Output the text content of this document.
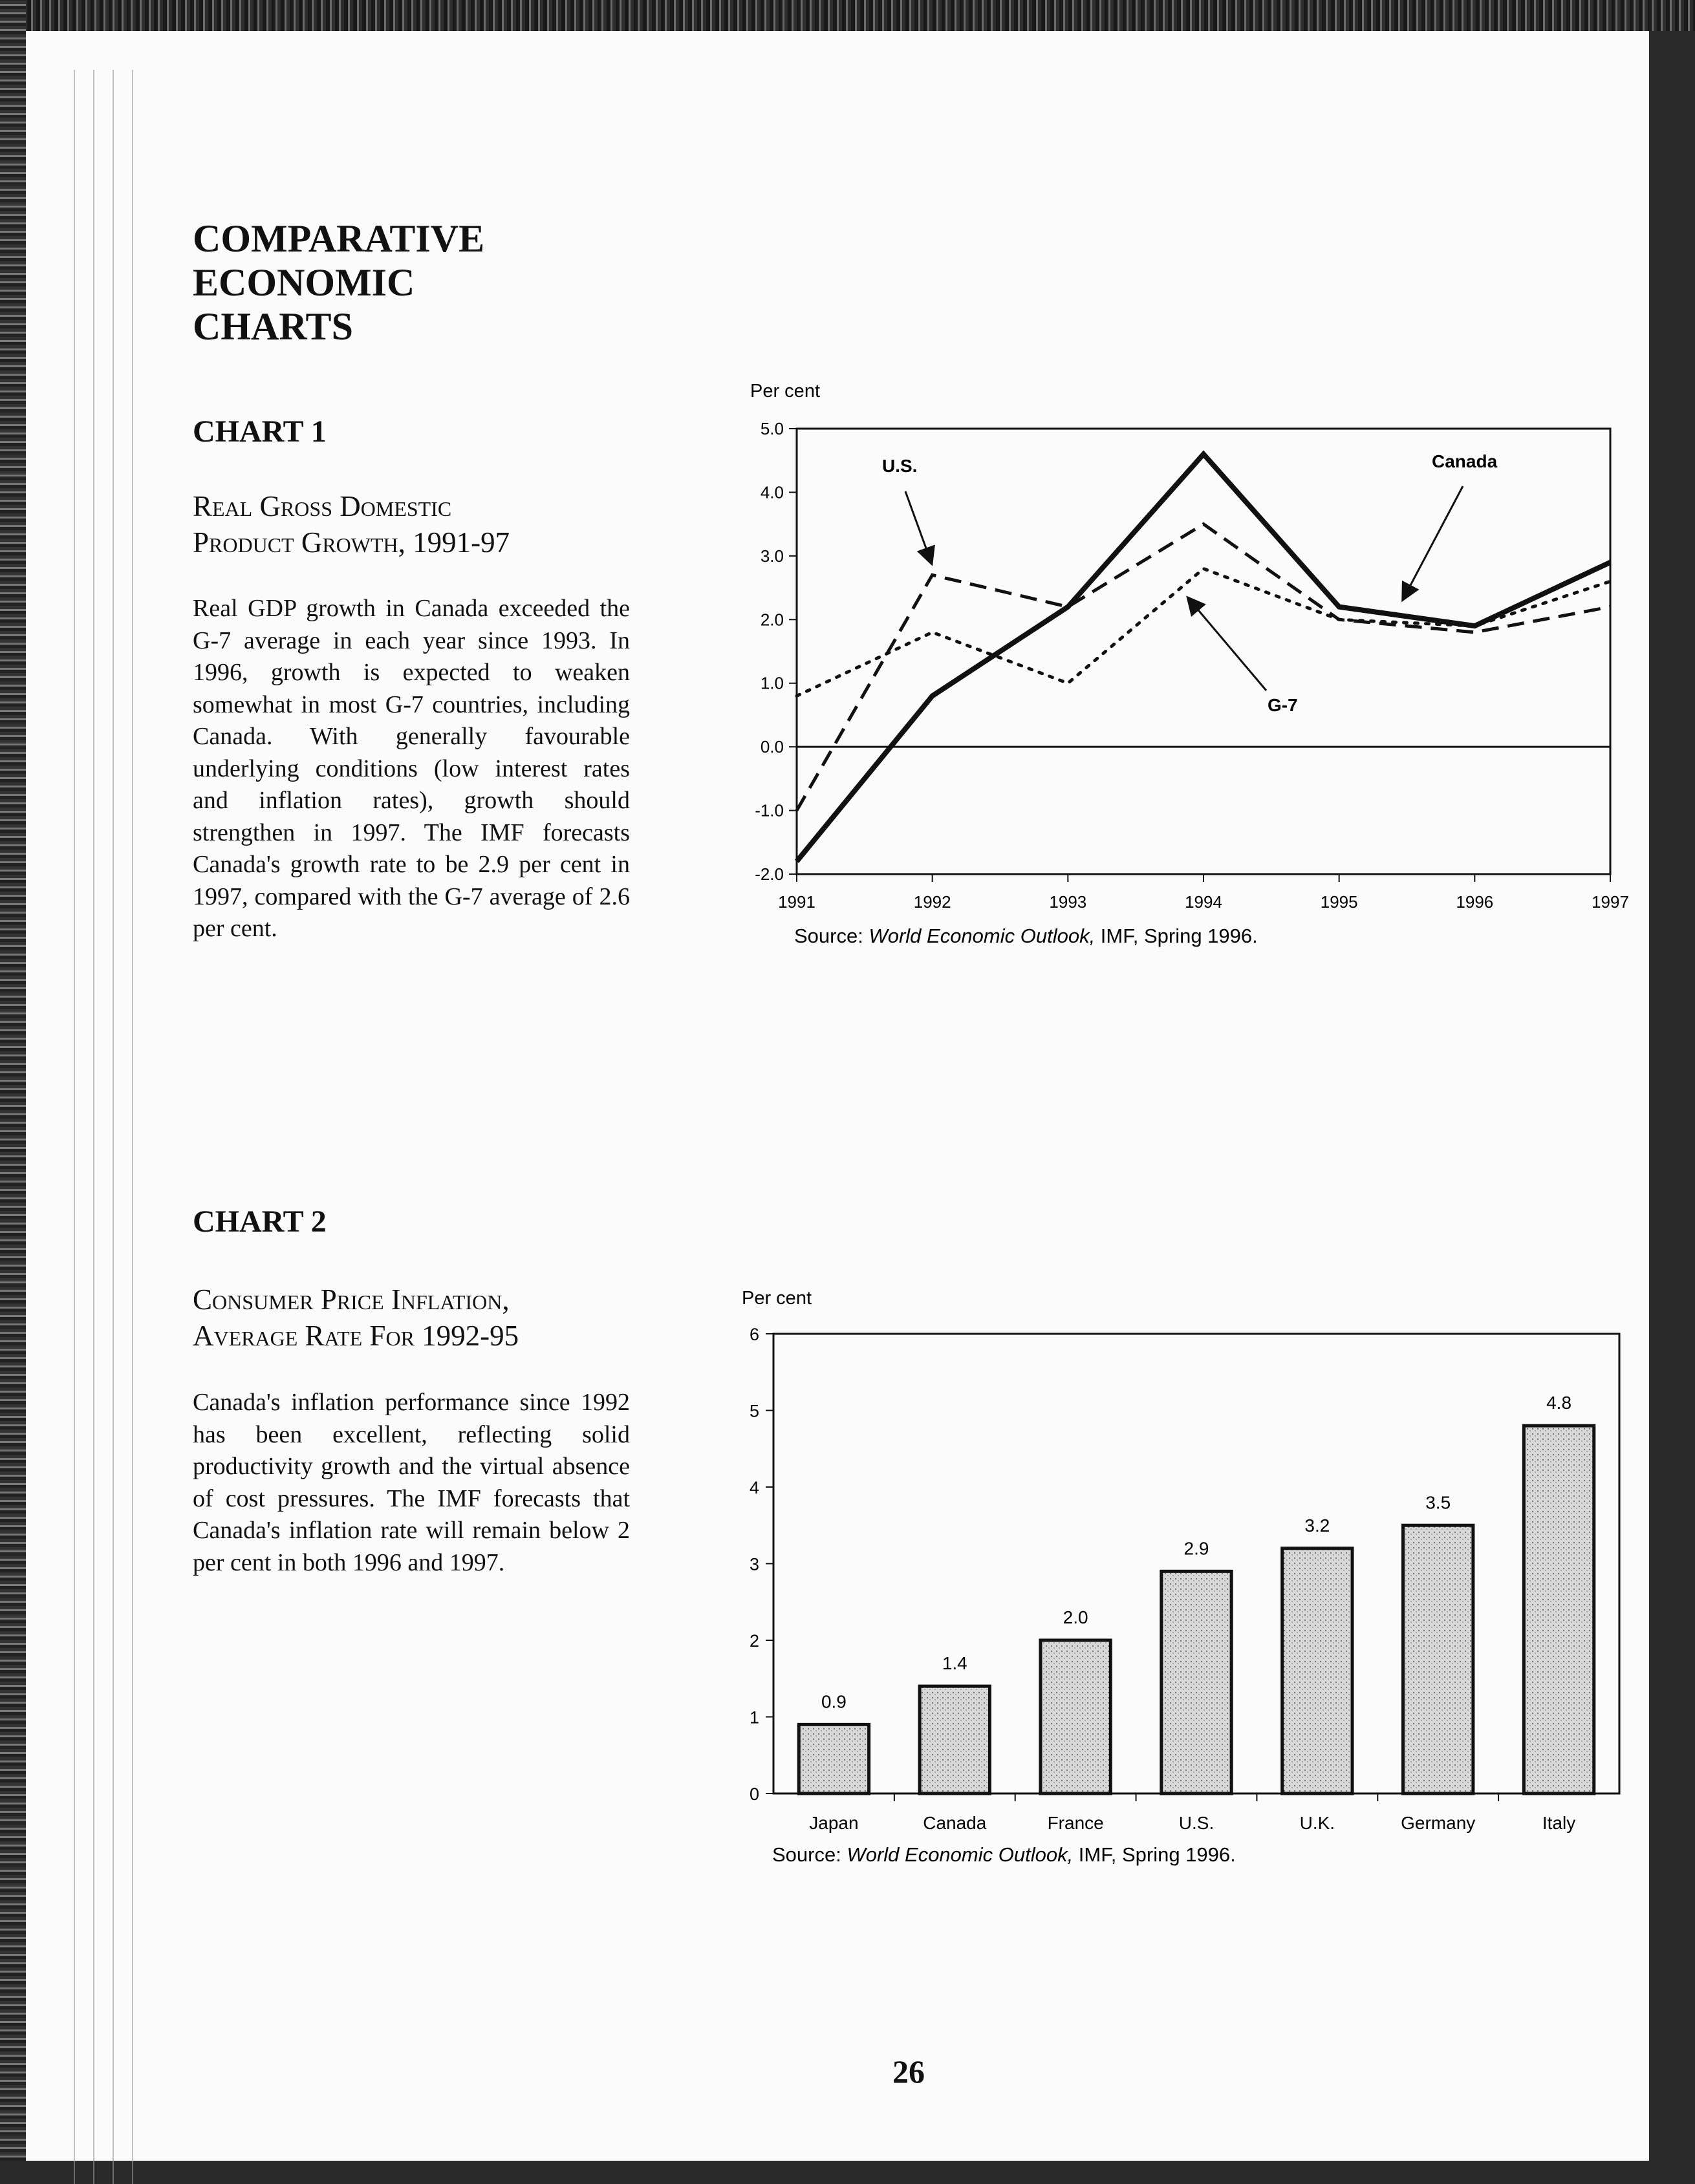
COMPARATIVE ECONOMIC CHARTS
CHART 1

Real Gross Domestic

Product Growth, 1991-97

Real GDP growth in Canada exceeded the G-7 average in each year since 1993. In 1996, growth is expected to weaken somewhat in most G-7 countries, including Canada. With generally favourable underlying conditions (low interest rates and inflation rates), growth should strengthen in 1997. The IMF forecasts Canada's growth rate to be 2.9 per cent in 1997, compared with the G-7 average of 2.6 per cent.

CHART 2

Consumer Price Inflation,

Average Rate For 1992-95

Canada's inflation performance since 1992 has been excellent, reflecting solid productivity growth and the virtual absence of cost pressures. The IMF forecasts that Canada's inflation rate will remain below 2 per cent in both 1996 and 1997.

Per cent
5.0
4.0
3.0
2.0
1.0
0.0
-1.0
-2.0
1991	1992	1993	1994	1995	1996	1997
U.S.	Canada
G-7
Source: World Economic Outlook, IMF, Spring 1996.
Per cent
6
5
4
3
2
1
0
0.9
1.4
2.0
2.9
3.2
3.5
4.8
Japan	Canada	France	U.S.	U.K.	Germany	Italy
Source: World Economic Outlook, IMF, Spring 1996.
26
